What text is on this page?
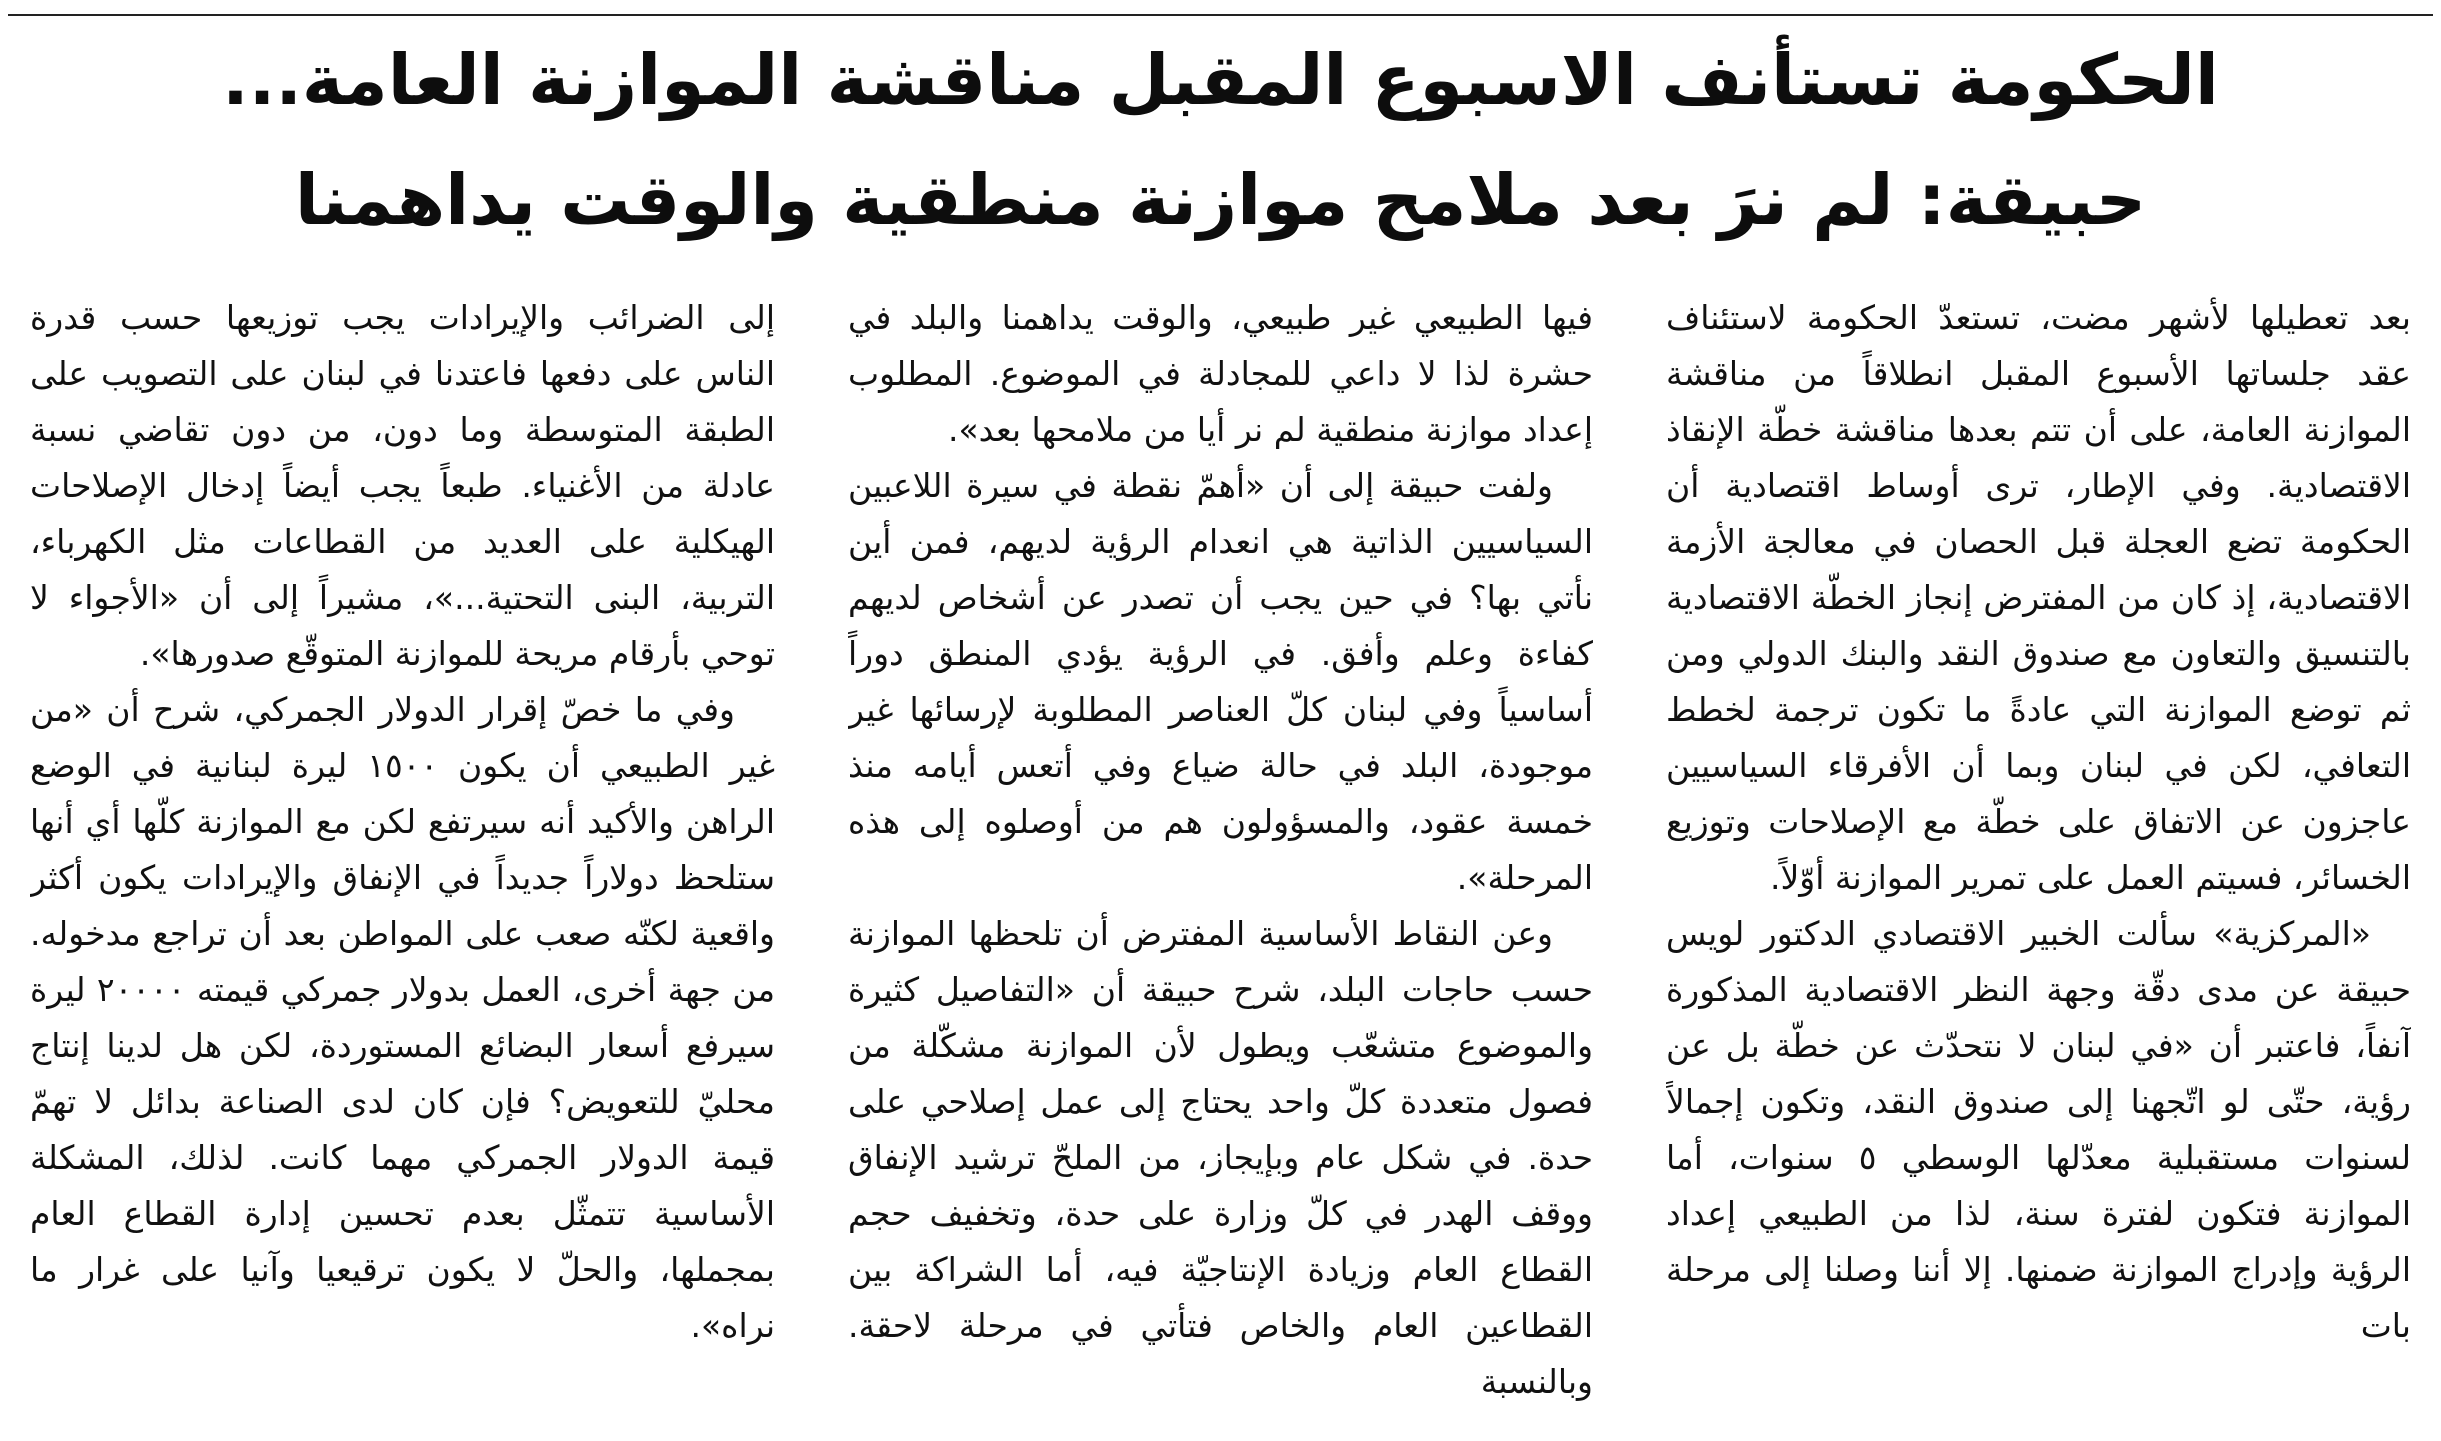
الحكومة تستأنف الاسبوع المقبل مناقشة الموازنة العامة...
حبيقة: لم نرَ بعد ملامح موازنة منطقية والوقت يداهمنا

بعد تعطيلها لأشهر مضت، تستعدّ الحكومة لاستئناف عقد جلساتها الأسبوع المقبل انطلاقاً من مناقشة الموازنة العامة، على أن تتم بعدها مناقشة خطّة الإنقاذ الاقتصادية. وفي الإطار، ترى أوساط اقتصادية أن الحكومة تضع العجلة قبل الحصان في معالجة الأزمة الاقتصادية، إذ كان من المفترض إنجاز الخطّة الاقتصادية بالتنسيق والتعاون مع صندوق النقد والبنك الدولي ومن ثم توضع الموازنة التي عادةً ما تكون ترجمة لخطط التعافي، لكن في لبنان وبما أن الأفرقاء السياسيين عاجزون عن الاتفاق على خطّة مع الإصلاحات وتوزيع الخسائر، فسيتم العمل على تمرير الموازنة أوّلاً.

«المركزية» سألت الخبير الاقتصادي الدكتور لويس حبيقة عن مدى دقّة وجهة النظر الاقتصادية المذكورة آنفاً، فاعتبر أن «في لبنان لا نتحدّث عن خطّة بل عن رؤية، حتّى لو اتّجهنا إلى صندوق النقد، وتكون إجمالاً لسنوات مستقبلية معدّلها الوسطي ٥ سنوات، أما الموازنة فتكون لفترة سنة، لذا من الطبيعي إعداد الرؤية وإدراج الموازنة ضمنها. إلا أننا وصلنا إلى مرحلة بات

فيها الطبيعي غير طبيعي، والوقت يداهمنا والبلد في حشرة لذا لا داعي للمجادلة في الموضوع. المطلوب إعداد موازنة منطقية لم نر أيا من ملامحها بعد».

ولفت حبيقة إلى أن «أهمّ نقطة في سيرة اللاعبين السياسيين الذاتية هي انعدام الرؤية لديهم، فمن أين نأتي بها؟ في حين يجب أن تصدر عن أشخاص لديهم كفاءة وعلم وأفق. في الرؤية يؤدي المنطق دوراً أساسياً وفي لبنان كلّ العناصر المطلوبة لإرسائها غير موجودة، البلد في حالة ضياع وفي أتعس أيامه منذ خمسة عقود، والمسؤولون هم من أوصلوه إلى هذه المرحلة».

وعن النقاط الأساسية المفترض أن تلحظها الموازنة حسب حاجات البلد، شرح حبيقة أن «التفاصيل كثيرة والموضوع متشعّب ويطول لأن الموازنة مشكّلة من فصول متعددة كلّ واحد يحتاج إلى عمل إصلاحي على حدة. في شكل عام وبإيجاز، من الملحّ ترشيد الإنفاق ووقف الهدر في كلّ وزارة على حدة، وتخفيف حجم القطاع العام وزيادة الإنتاجيّة فيه، أما الشراكة بين القطاعين العام والخاص فتأتي في مرحلة لاحقة. وبالنسبة

إلى الضرائب والإيرادات يجب توزيعها حسب قدرة الناس على دفعها فاعتدنا في لبنان على التصويب على الطبقة المتوسطة وما دون، من دون تقاضي نسبة عادلة من الأغنياء. طبعاً يجب أيضاً إدخال الإصلاحات الهيكلية على العديد من القطاعات مثل الكهرباء، التربية، البنى التحتية...»، مشيراً إلى أن «الأجواء لا توحي بأرقام مريحة للموازنة المتوقّع صدورها».

وفي ما خصّ إقرار الدولار الجمركي، شرح أن «من غير الطبيعي أن يكون ١٥٠٠ ليرة لبنانية في الوضع الراهن والأكيد أنه سيرتفع لكن مع الموازنة كلّها أي أنها ستلحظ دولاراً جديداً في الإنفاق والإيرادات يكون أكثر واقعية لكنّه صعب على المواطن بعد أن تراجع مدخوله. من جهة أخرى، العمل بدولار جمركي قيمته ٢٠٠٠٠ ليرة سيرفع أسعار البضائع المستوردة، لكن هل لدينا إنتاج محليّ للتعويض؟ فإن كان لدى الصناعة بدائل لا تهمّ قيمة الدولار الجمركي مهما كانت. لذلك، المشكلة الأساسية تتمثّل بعدم تحسين إدارة القطاع العام بمجملها، والحلّ لا يكون ترقيعيا وآنيا على غرار ما نراه».
